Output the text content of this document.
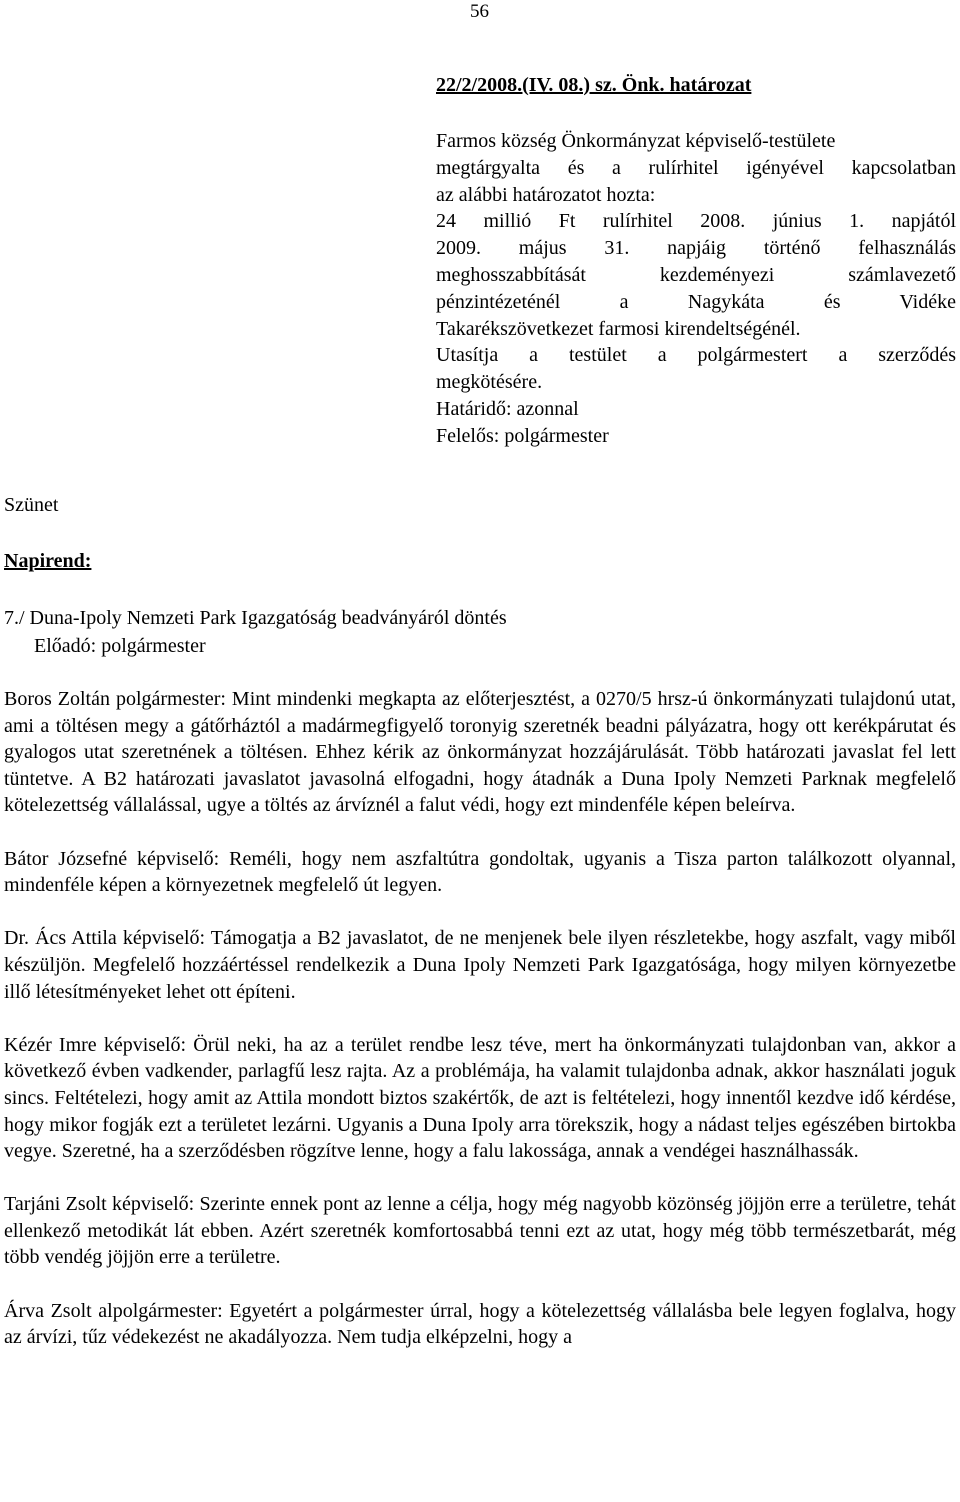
56
22/2/2008.(IV. 08.) sz. Önk. határozat

Farmos község Önkormányzat képviselő-testülete

megtárgyalta és a rulírhitel igényével kapcsolatban

az alábbi határozatot hozta:

24 millió Ft rulírhitel 2008. június 1. napjától

2009. május 31. napjáig történő felhasználás

meghosszabbítását kezdeményezi számlavezető

pénzintézeténél a Nagykáta és Vidéke

Takarékszövetkezet farmosi kirendeltségénél.

Utasítja a testület a polgármestert a szerződés

megkötésére.

Határidő: azonnal

Felelős: polgármester

Szünet
Napirend:
7./ Duna-Ipoly Nemzeti Park Igazgatóság beadványáról döntés
Előadó: polgármester

Boros Zoltán polgármester: Mint mindenki megkapta az előterjesztést, a 0270/5 hrsz-ú önkormányzati tulajdonú utat, ami a töltésen megy a gátőrháztól a madármegfigyelő toronyig szeretnék beadni pályázatra, hogy ott kerékpárutat és gyalogos utat szeretnének a töltésen. Ehhez kérik az önkormányzat hozzájárulását. Több határozati javaslat fel lett tüntetve. A B2 határozati javaslatot javasolná elfogadni, hogy átadnák a Duna Ipoly Nemzeti Parknak megfelelő kötelezettség vállalással, ugye a töltés az árvíznél a falut védi, hogy ezt mindenféle képen beleírva.

Bátor Józsefné képviselő: Reméli, hogy nem aszfaltútra gondoltak, ugyanis a Tisza parton találkozott olyannal, mindenféle képen a környezetnek megfelelő út legyen.

Dr. Ács Attila képviselő: Támogatja a B2 javaslatot, de ne menjenek bele ilyen részletekbe, hogy aszfalt, vagy miből készüljön. Megfelelő hozzáértéssel rendelkezik a Duna Ipoly Nemzeti Park Igazgatósága, hogy milyen környezetbe illő létesítményeket lehet ott építeni.

Kézér Imre képviselő: Örül neki, ha az a terület rendbe lesz téve, mert ha önkormányzati tulajdonban van, akkor a következő évben vadkender, parlagfű lesz rajta. Az a problémája, ha valamit tulajdonba adnak, akkor használati joguk sincs. Feltételezi, hogy amit az Attila mondott biztos szakértők, de azt is feltételezi, hogy innentől kezdve idő kérdése, hogy mikor fogják ezt a területet lezárni. Ugyanis a Duna Ipoly arra törekszik, hogy a nádast teljes egészében birtokba vegye. Szeretné, ha a szerződésben rögzítve lenne, hogy a falu lakossága, annak a vendégei használhassák.

Tarjáni Zsolt képviselő: Szerinte ennek pont az lenne a célja, hogy még nagyobb közönség jöjjön erre a területre, tehát ellenkező metodikát lát ebben. Azért szeretnék komfortosabbá tenni ezt az utat, hogy még több természetbarát, még több vendég jöjjön erre a területre.

Árva Zsolt alpolgármester: Egyetért a polgármester úrral, hogy a kötelezettség vállalásba bele legyen foglalva, hogy az árvízi, tűz védekezést ne akadályozza. Nem tudja elképzelni, hogy a
